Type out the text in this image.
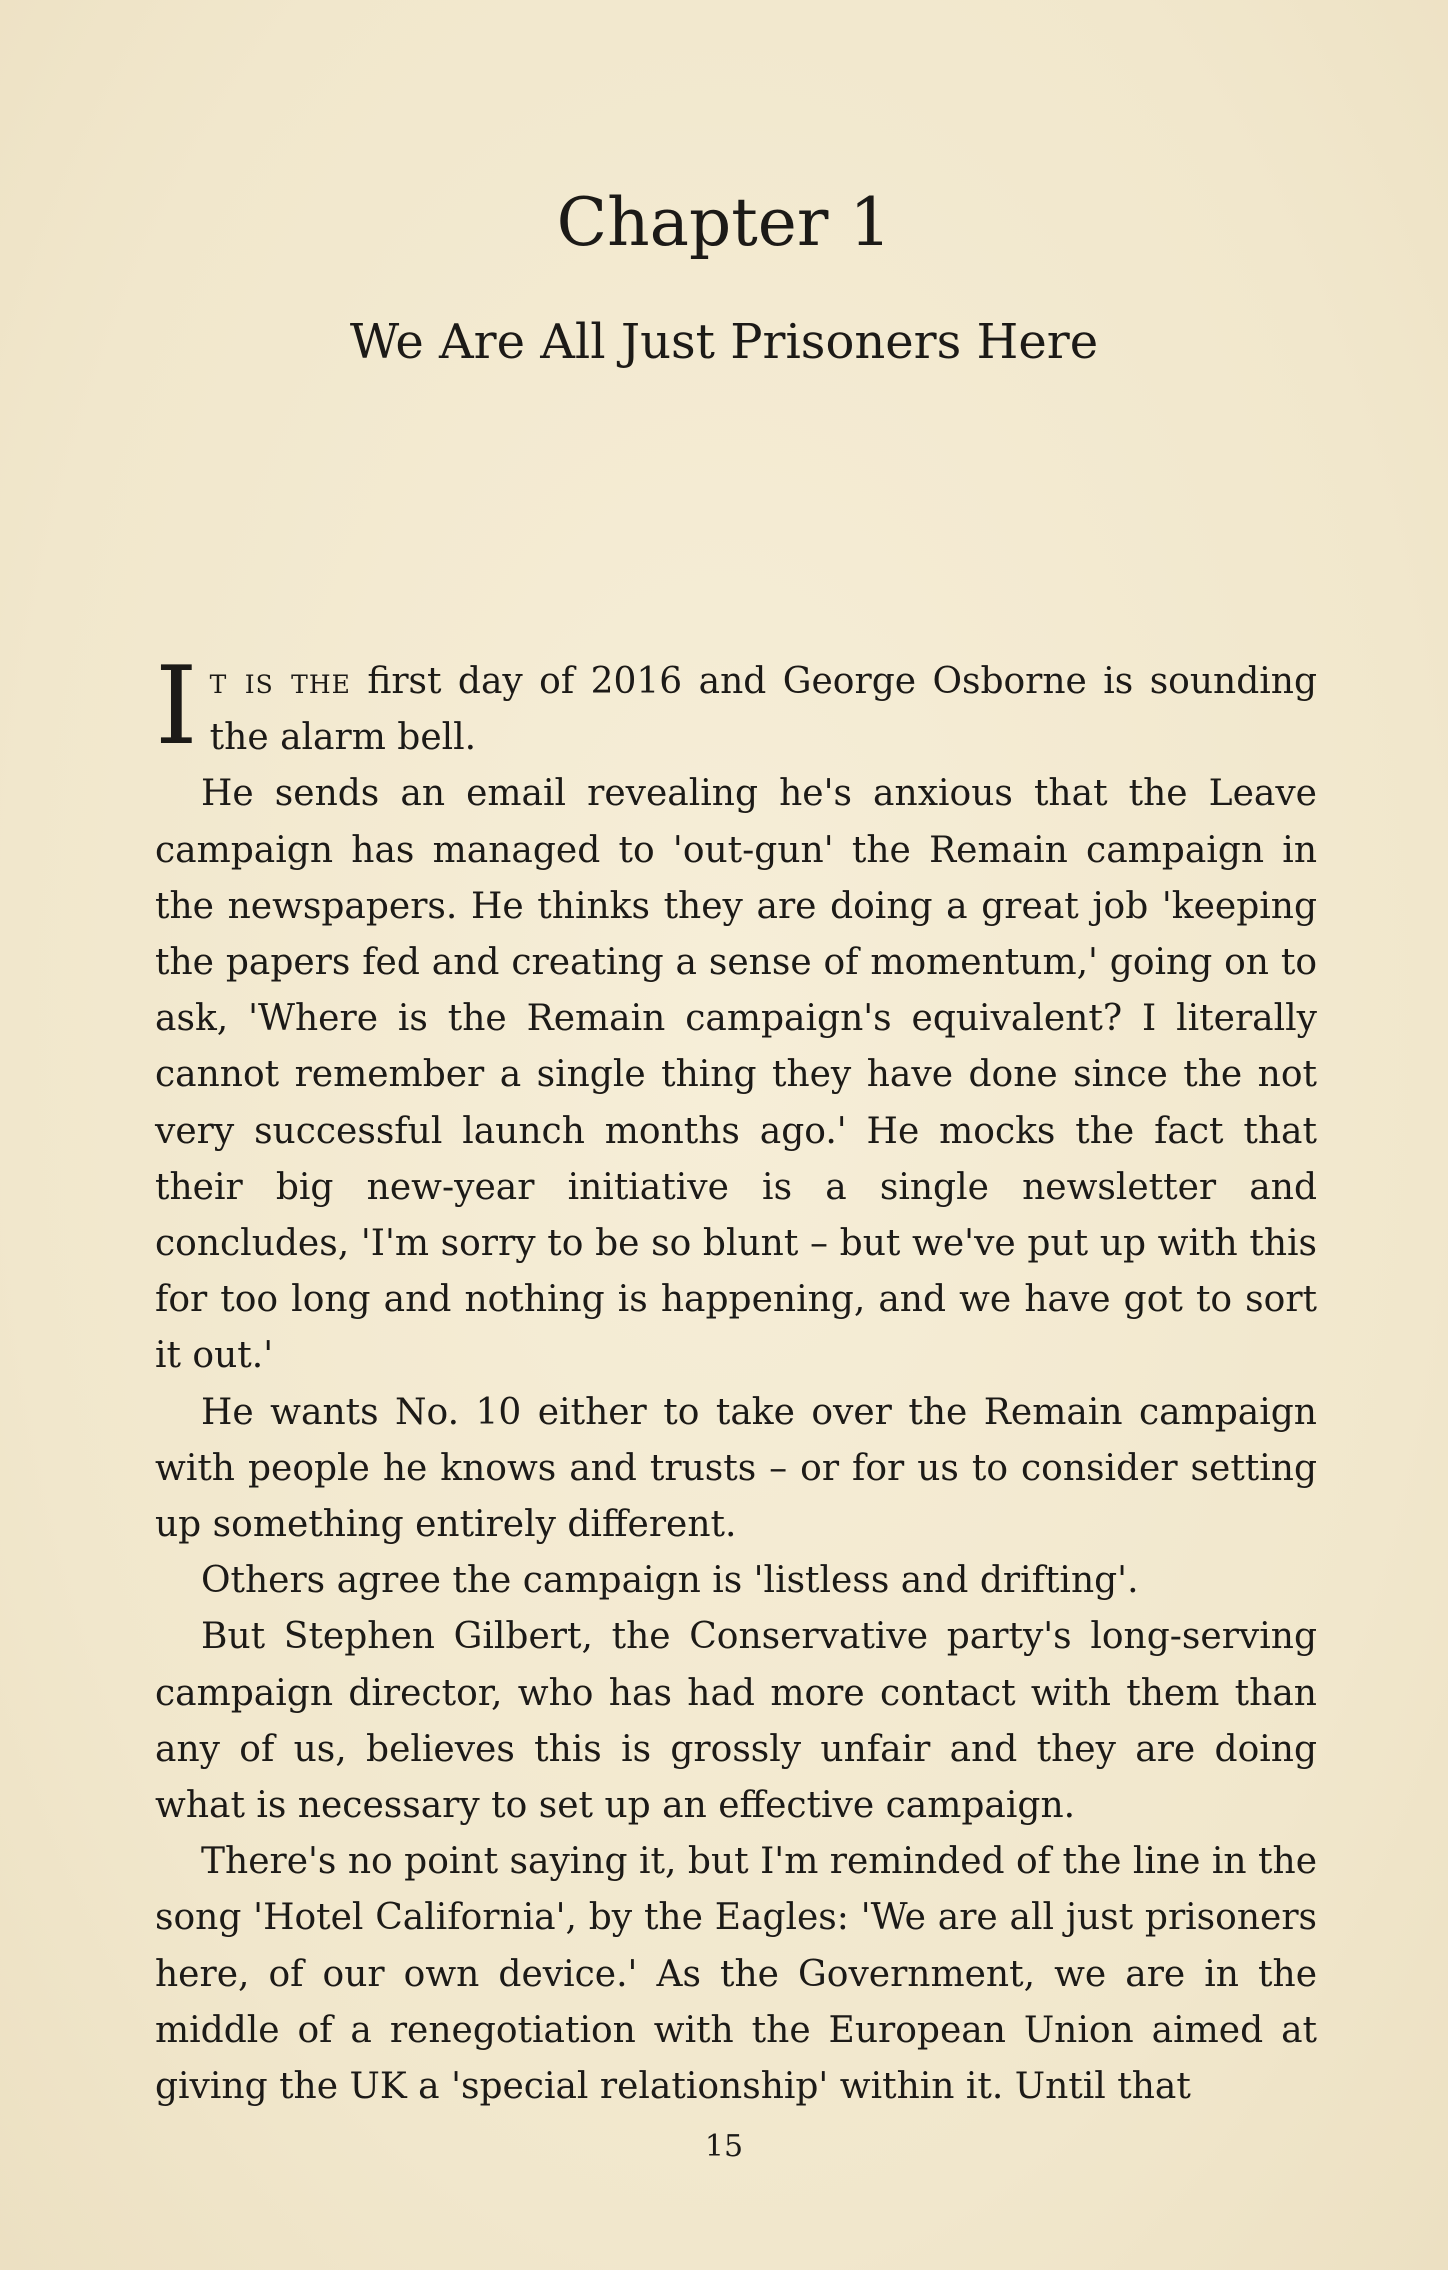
Chapter 1
We Are All Just Prisoners Here

It is the first day of 2016 and George Osborne is sounding the alarm bell.

He sends an email revealing he's anxious that the Leave campaign has managed to 'out-gun' the Remain campaign in the newspapers. He thinks they are doing a great job 'keeping the papers fed and creating a sense of momentum,' going on to ask, 'Where is the Remain campaign's equivalent? I literally cannot remember a single thing they have done since the not very successful launch months ago.' He mocks the fact that their big new-year initiative is a single newsletter and concludes, 'I'm sorry to be so blunt – but we've put up with this for too long and nothing is happening, and we have got to sort it out.'

He wants No. 10 either to take over the Remain campaign with people he knows and trusts – or for us to consider setting up something entirely different.

Others agree the campaign is 'listless and drifting'.

But Stephen Gilbert, the Conservative party's long-serving campaign director, who has had more contact with them than any of us, believes this is grossly unfair and they are doing what is necessary to set up an effective campaign.

There's no point saying it, but I'm reminded of the line in the song 'Hotel California', by the Eagles: 'We are all just prisoners here, of our own device.' As the Government, we are in the middle of a renegotiation with the European Union aimed at giving the UK a 'special relationship' within it. Until that

15
